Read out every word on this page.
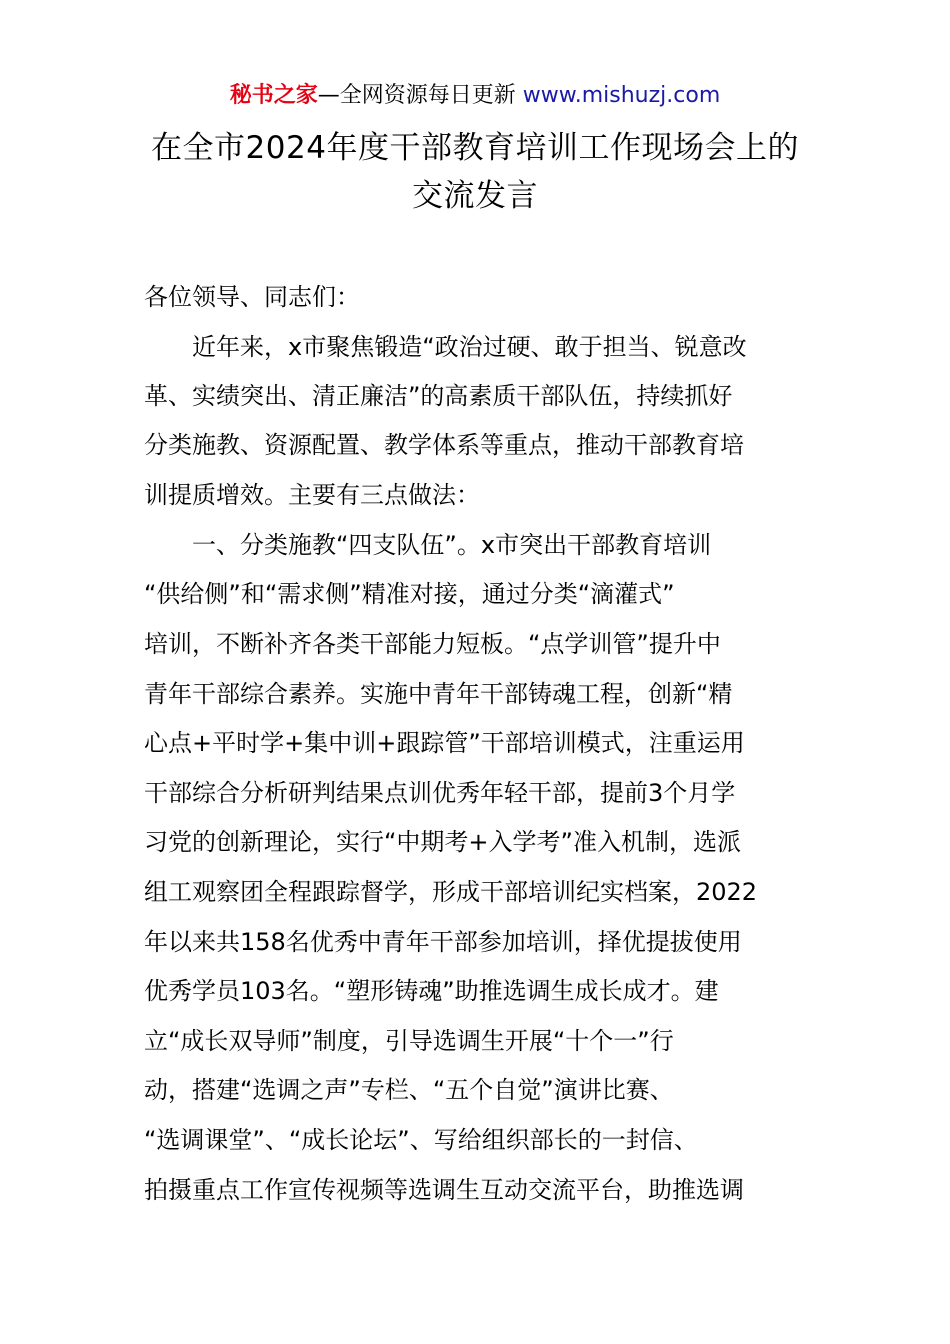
秘书之家—全网资源每日更新 www.mishuzj.com
在全市2024年度干部教育培训工作现场会上的
交流发言
各位领导、同志们：
　　近年来，x市聚焦锻造“政治过硬、敢于担当、锐意改
革、实绩突出、清正廉洁”的高素质干部队伍，持续抓好
分类施教、资源配置、教学体系等重点，推动干部教育培
训提质增效。主要有三点做法：
　　一、分类施教“四支队伍”。x市突出干部教育培训
“供给侧”和“需求侧”精准对接，通过分类“滴灌式”
培训，不断补齐各类干部能力短板。“点学训管”提升中
青年干部综合素养。实施中青年干部铸魂工程，创新“精
心点+平时学+集中训+跟踪管”干部培训模式，注重运用
干部综合分析研判结果点训优秀年轻干部，提前3个月学
习党的创新理论，实行“中期考+入学考”准入机制，选派
组工观察团全程跟踪督学，形成干部培训纪实档案，2022
年以来共158名优秀中青年干部参加培训，择优提拔使用
优秀学员103名。“塑形铸魂”助推选调生成长成才。建
立“成长双导师”制度，引导选调生开展“十个一”行
动，搭建“选调之声”专栏、“五个自觉”演讲比赛、
“选调课堂”、“成长论坛”、写给组织部长的一封信、
拍摄重点工作宣传视频等选调生互动交流平台，助推选调
